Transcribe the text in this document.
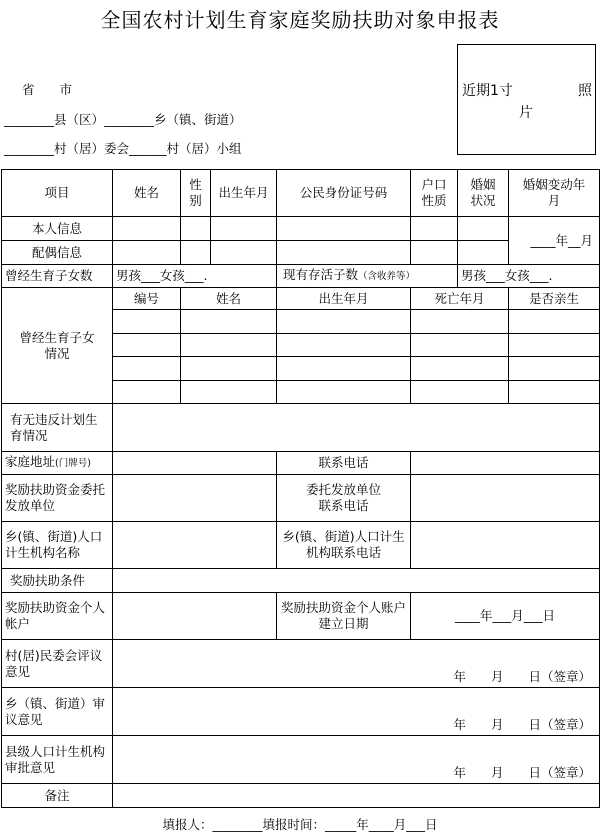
全国农村计划生育家庭奖励扶助对象申报表
近期1寸	照
片
省　　市
________县（区）________乡（镇、街道）
________村（居）委会______村（居）小组
项目	姓名	性别	出生年月	公民身份证号码	户口性质	婚姻状况	婚姻变动年月
本人信息							____年__月
配偶信息							
曾经生育子女数	男孩___女孩___.			现有存活子数（含收养等）		男孩___女孩___.	
曾经生育子女情况	编号	姓名		出生年月	死亡年月		是否亲生

有无违反计划生育情况							
家庭地址(门牌号)				联系电话			
奖励扶助资金委托发放单位				委托发放单位联系电话			
乡(镇、街道)人口计生机构名称				乡(镇、街道)人口计生机构联系电话			
奖励扶助条件							
奖励扶助资金个人帐户				奖励扶助资金个人账户建立日期	____年___月___日		
村(居)民委会评议意见	年　　月　　日（签章）						
乡（镇、街道）审议意见	年　　月　　日（签章）						
县级人口计生机构审批意见	年　　月　　日（签章）						
备注							
填报人：________填报时间：_____年____月___日
